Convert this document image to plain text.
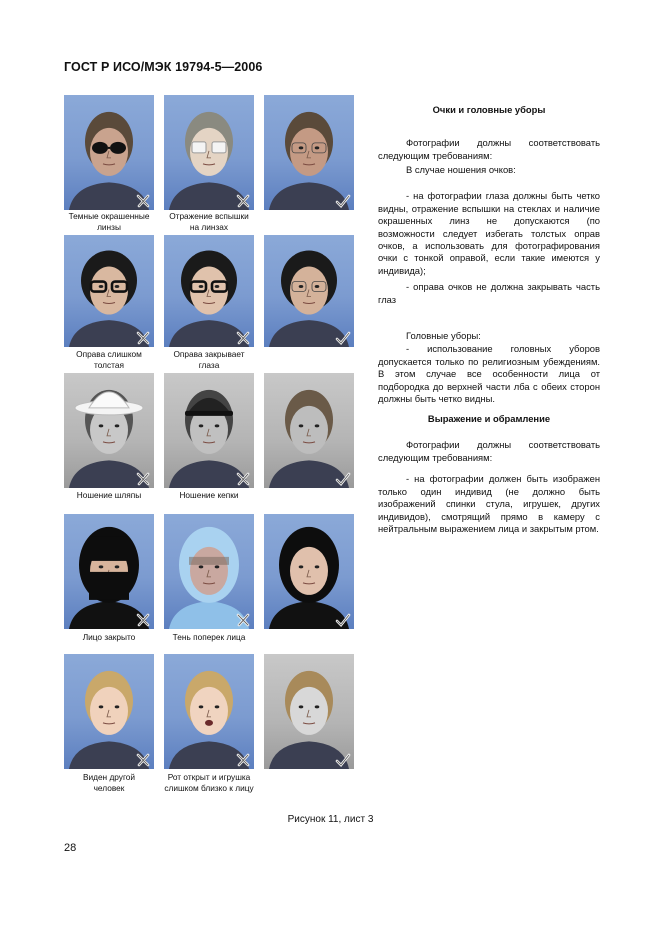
ГОСТ Р ИСО/МЭК 19794-5—2006
Темные окрашенные
линзы
Отражение вспышки
на линзах
Оправа слишком
толстая
Оправа закрывает
глаза
Ношение шляпы	Ношение кепки
Лицо закрыто	Тень поперек лица
Виден другой
человек
Рот открыт и игрушка
слишком близко к лицу

Очки и головные уборы

Фотографии должны соответствовать следующим требованиям:

В случае ношения очков:

- на фотографии глаза должны быть четко видны, отражение вспышки на стеклах и наличие окрашенных линз не допускаются (по возможности следует избегать толстых оправ очков, а использовать для фотографирования очки с тонкой оправой, если такие имеются у индивида);

- оправа очков не должна закрывать часть глаз

Головные уборы:

- использование головных уборов допускается только по религиозным убеждениям. В этом случае все особенности лица от подбородка до верхней части лба с обеих сторон должны быть четко видны.

Выражение и обрамление

Фотографии должны соответствовать следующим требованиям:

- на фотографии должен быть изображен только один индивид (не должно быть изображений спинки стула, игрушек, других индивидов), смотрящий прямо в камеру с нейтральным выражением лица и закрытым ртом.

Рисунок 11, лист 3
28
